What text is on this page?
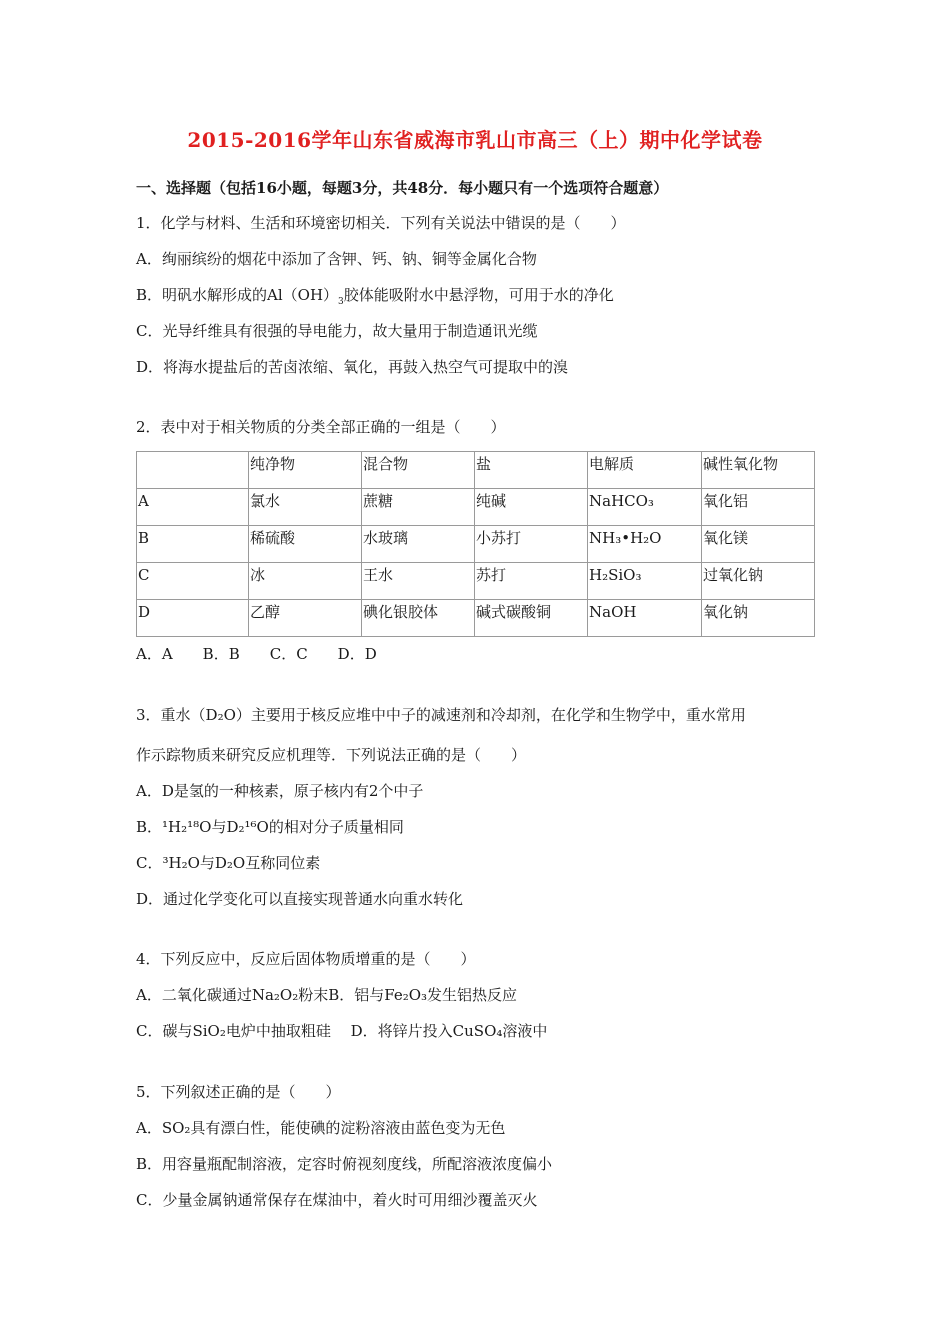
2015-2016学年山东省威海市乳山市高三（上）期中化学试卷
一、选择题（包括16小题，每题3分，共48分．每小题只有一个选项符合题意）
1．化学与材料、生活和环境密切相关．下列有关说法中错误的是（　　）
A．绚丽缤纷的烟花中添加了含钾、钙、钠、铜等金属化合物
B．明矾水解形成的$Al(OH)_3$胶体能吸附水中悬浮物，可用于水的净化
C．光导纤维具有很强的导电能力，故大量用于制造通讯光缆
D．将海水提盐后的苦卤浓缩、氧化，再鼓入热空气可提取中的溴
2．表中对于相关物质的分类全部正确的一组是（　　）
	纯净物	混合物	盐	电解质	碱性氧化物
A	氯水	蔗糖	纯碱	NaHCO₃	氧化铝
B	稀硫酸	水玻璃	小苏打	NH₃•H₂O	氧化镁
C	冰	王水	苏打	H₂SiO₃	过氧化钠
D	乙醇	碘化银胶体	碱式碳酸铜	NaOH	氧化钠
A．A　　B．B　　C．C　　D．D
3．重水（D₂O）主要用于核反应堆中中子的减速剂和冷却剂，在化学和生物学中，重水常用
作示踪物质来研究反应机理等．下列说法正确的是（　　）
A．D是氢的一种核素，原子核内有2个中子
B．¹H₂¹⁸O与D₂¹⁶O的相对分子质量相同
C．³H₂O与D₂O互称同位素
D．通过化学变化可以直接实现普通水向重水转化
4．下列反应中，反应后固体物质增重的是（　　）
A．二氧化碳通过Na₂O₂粉末B．铝与Fe₂O₃发生铝热反应
C．碳与SiO₂电炉中抽取粗硅　 D．将锌片投入CuSO₄溶液中
5．下列叙述正确的是（　　）
A．SO₂具有漂白性，能使碘的淀粉溶液由蓝色变为无色
B．用容量瓶配制溶液，定容时俯视刻度线，所配溶液浓度偏小
C．少量金属钠通常保存在煤油中，着火时可用细沙覆盖灭火
